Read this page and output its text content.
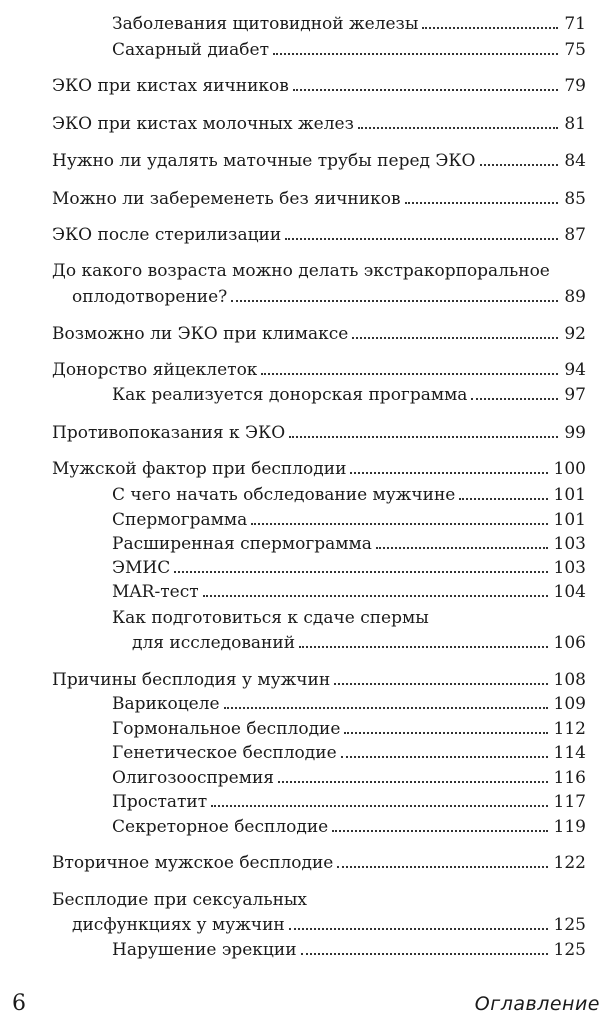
Заболевания щитовидной железы	71
Сахарный диабет	75
ЭКО при кистах яичников	79
ЭКО при кистах молочных желез	81
Нужно ли удалять маточные трубы перед ЭКО	84
Можно ли забеременеть без яичников	85
ЭКО после стерилизации	87
До какого возраста можно делать экстракорпоральное
оплодотворение?	89
Возможно ли ЭКО при климаксе	92
Донорство яйцеклеток	94
Как реализуется донорская программа	97
Противопоказания к ЭКО	99
Мужской фактор при бесплодии	100
С чего начать обследование мужчине	101
Спермограмма	101
Расширенная спермограмма	103
ЭМИС	103
MAR-тест	104
Как подготовиться к сдаче спермы
для исследований	106
Причины бесплодия у мужчин	108
Варикоцеле	109
Гормональное бесплодие	112
Генетическое бесплодие	114
Олигозооспремия	116
Простатит	117
Секреторное бесплодие	119
Вторичное мужское бесплодие	122
Бесплодие при сексуальных
дисфункциях у мужчин	125
Нарушение эрекции	125
6	Оглавление
